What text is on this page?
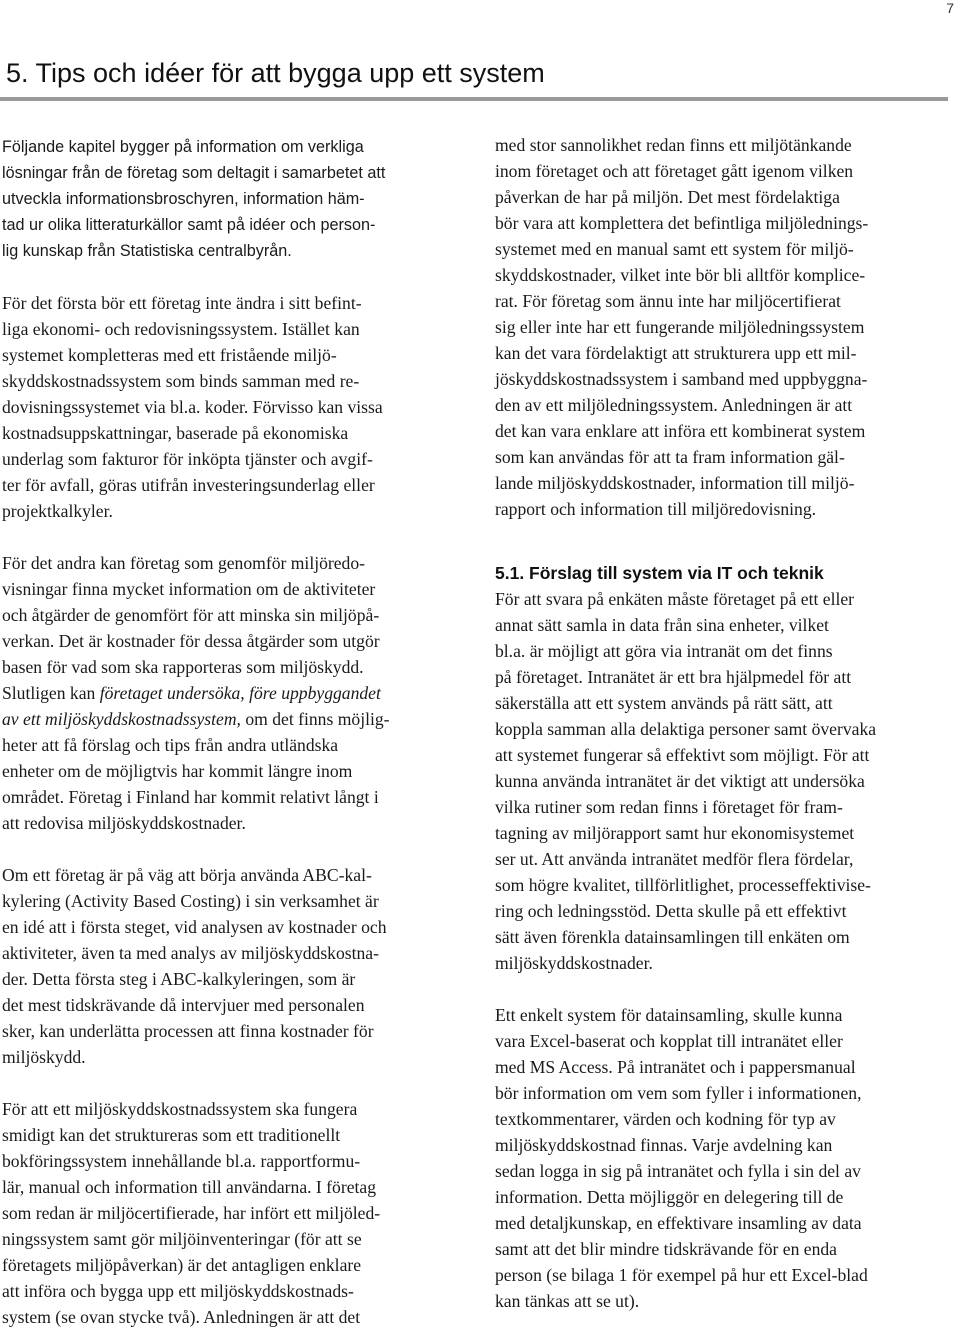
7
5. Tips och idéer för att bygga upp ett system

Följande kapitel bygger på information om verkliga
lösningar från de företag som deltagit i samarbetet att
utveckla informationsbroschyren, information häm-
tad ur olika litteraturkällor samt på idéer och person-
lig kunskap från Statistiska centralbyrån.

För det första bör ett företag inte ändra i sitt befint-
liga ekonomi- och redovisningssystem. Istället kan
systemet kompletteras med ett fristående miljö-
skyddskostnadssystem som binds samman med re-
dovisningssystemet via bl.a. koder. Förvisso kan vissa
kostnadsuppskattningar, baserade på ekonomiska
underlag som fakturor för inköpta tjänster och avgif-
ter för avfall, göras utifrån investeringsunderlag eller
projektkalkyler.

För det andra kan företag som genomför miljöredo-
visningar finna mycket information om de aktiviteter
och åtgärder de genomfört för att minska sin miljöpå-
verkan. Det är kostnader för dessa åtgärder som utgör
basen för vad som ska rapporteras som miljöskydd.
Slutligen kan företaget undersöka, före uppbyggandet
av ett miljöskyddskostnadssystem, om det finns möjlig-
heter att få förslag och tips från andra utländska
enheter om de möjligtvis har kommit längre inom
området. Företag i Finland har kommit relativt långt i
att redovisa miljöskyddskostnader.

Om ett företag är på väg att börja använda ABC-kal-
kylering (Activity Based Costing) i sin verksamhet är
en idé att i första steget, vid analysen av kostnader och
aktiviteter, även ta med analys av miljöskyddskostna-
der. Detta första steg i ABC-kalkyleringen, som är
det mest tidskrävande då intervjuer med personalen
sker, kan underlätta processen att finna kostnader för
miljöskydd.

För att ett miljöskyddskostnadssystem ska fungera
smidigt kan det struktureras som ett traditionellt
bokföringssystem innehållande bl.a. rapportformu-
lär, manual och information till användarna. I företag
som redan är miljöcertifierade, har infört ett miljöled-
ningssystem samt gör miljöinventeringar (för att se
företagets miljöpåverkan) är det antagligen enklare
att införa och bygga upp ett miljöskyddskostnads-
system (se ovan stycke två). Anledningen är att det

med stor sannolikhet redan finns ett miljötänkande
inom företaget och att företaget gått igenom vilken
påverkan de har på miljön. Det mest fördelaktiga
bör vara att komplettera det befintliga miljölednings-
systemet med en manual samt ett system för miljö-
skyddskostnader, vilket inte bör bli alltför komplice-
rat. För företag som ännu inte har miljöcertifierat
sig eller inte har ett fungerande miljöledningssystem
kan det vara fördelaktigt att strukturera upp ett mil-
jöskyddskostnadssystem i samband med uppbyggna-
den av ett miljöledningssystem. Anledningen är att
det kan vara enklare att införa ett kombinerat system
som kan användas för att ta fram information gäl-
lande miljöskyddskostnader, information till miljö-
rapport och information till miljöredovisning.

5.1. Förslag till system via IT och teknik

För att svara på enkäten måste företaget på ett eller
annat sätt samla in data från sina enheter, vilket
bl.a. är möjligt att göra via intranät om det finns
på företaget. Intranätet är ett bra hjälpmedel för att
säkerställa att ett system används på rätt sätt, att
koppla samman alla delaktiga personer samt övervaka
att systemet fungerar så effektivt som möjligt. För att
kunna använda intranätet är det viktigt att undersöka
vilka rutiner som redan finns i företaget för fram-
tagning av miljörapport samt hur ekonomisystemet
ser ut. Att använda intranätet medför flera fördelar,
som högre kvalitet, tillförlitlighet, processeffektivise-
ring och ledningsstöd. Detta skulle på ett effektivt
sätt även förenkla datainsamlingen till enkäten om
miljöskyddskostnader.

Ett enkelt system för datainsamling, skulle kunna
vara Excel-baserat och kopplat till intranätet eller
med MS Access. På intranätet och i pappersmanual
bör information om vem som fyller i informationen,
textkommentarer, värden och kodning för typ av
miljöskyddskostnad finnas. Varje avdelning kan
sedan logga in sig på intranätet och fylla i sin del av
information. Detta möjliggör en delegering till de
med detaljkunskap, en effektivare insamling av data
samt att det blir mindre tidskrävande för en enda
person (se bilaga 1 för exempel på hur ett Excel-blad
kan tänkas att se ut).
